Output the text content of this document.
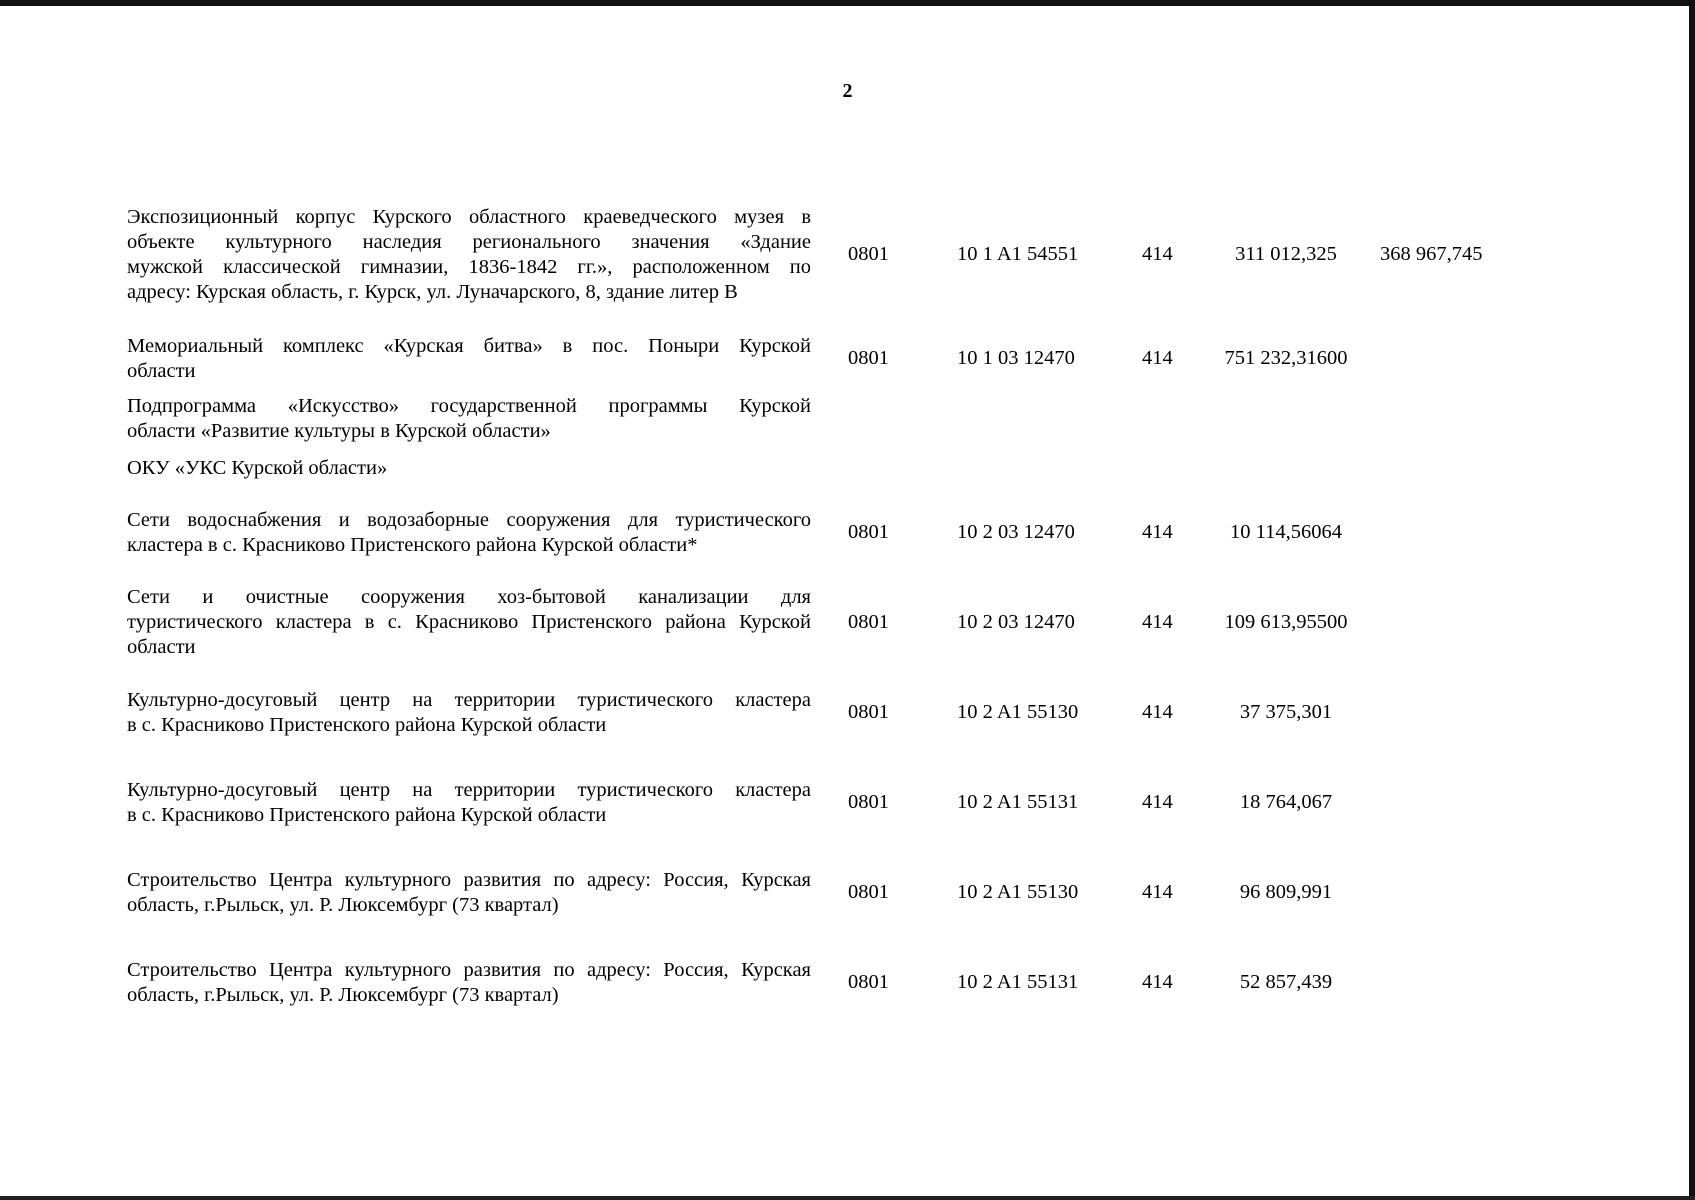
2
Экспозиционный корпус Курского областного краеведческого музея в
объекте культурного наследия регионального значения «Здание
мужской классической гимназии, 1836-1842 гг.», расположенном по
адресу: Курская область, г. Курск, ул. Луначарского, 8, здание литер В
0801	10 1 A1 54551	414	311 012,325	368 967,745
Мемориальный комплекс «Курская битва» в пос. Поныри Курской
области
0801	10 1 03 12470	414	751 232,31600
Подпрограмма «Искусство» государственной программы Курской
области «Развитие культуры в Курской области»
ОКУ «УКС Курской области»
Сети водоснабжения и водозаборные сооружения для туристического
кластера в с. Красниково Пристенского района Курской области*
0801	10 2 03 12470	414	10 114,56064
Сети и очистные сооружения хоз-бытовой канализации для
туристического кластера в с. Красниково Пристенского района Курской
области
0801	10 2 03 12470	414	109 613,95500
Культурно-досуговый центр на территории туристического кластера
в с. Красниково Пристенского района Курской области
0801	10 2 A1 55130	414	37 375,301
Культурно-досуговый центр на территории туристического кластера
в с. Красниково Пристенского района Курской области
0801	10 2 A1 55131	414	18 764,067
Строительство Центра культурного развития по адресу: Россия, Курская
область, г.Рыльск, ул. Р. Люксембург (73 квартал)
0801	10 2 A1 55130	414	96 809,991
Строительство Центра культурного развития по адресу: Россия, Курская
область, г.Рыльск, ул. Р. Люксембург (73 квартал)
0801	10 2 A1 55131	414	52 857,439
